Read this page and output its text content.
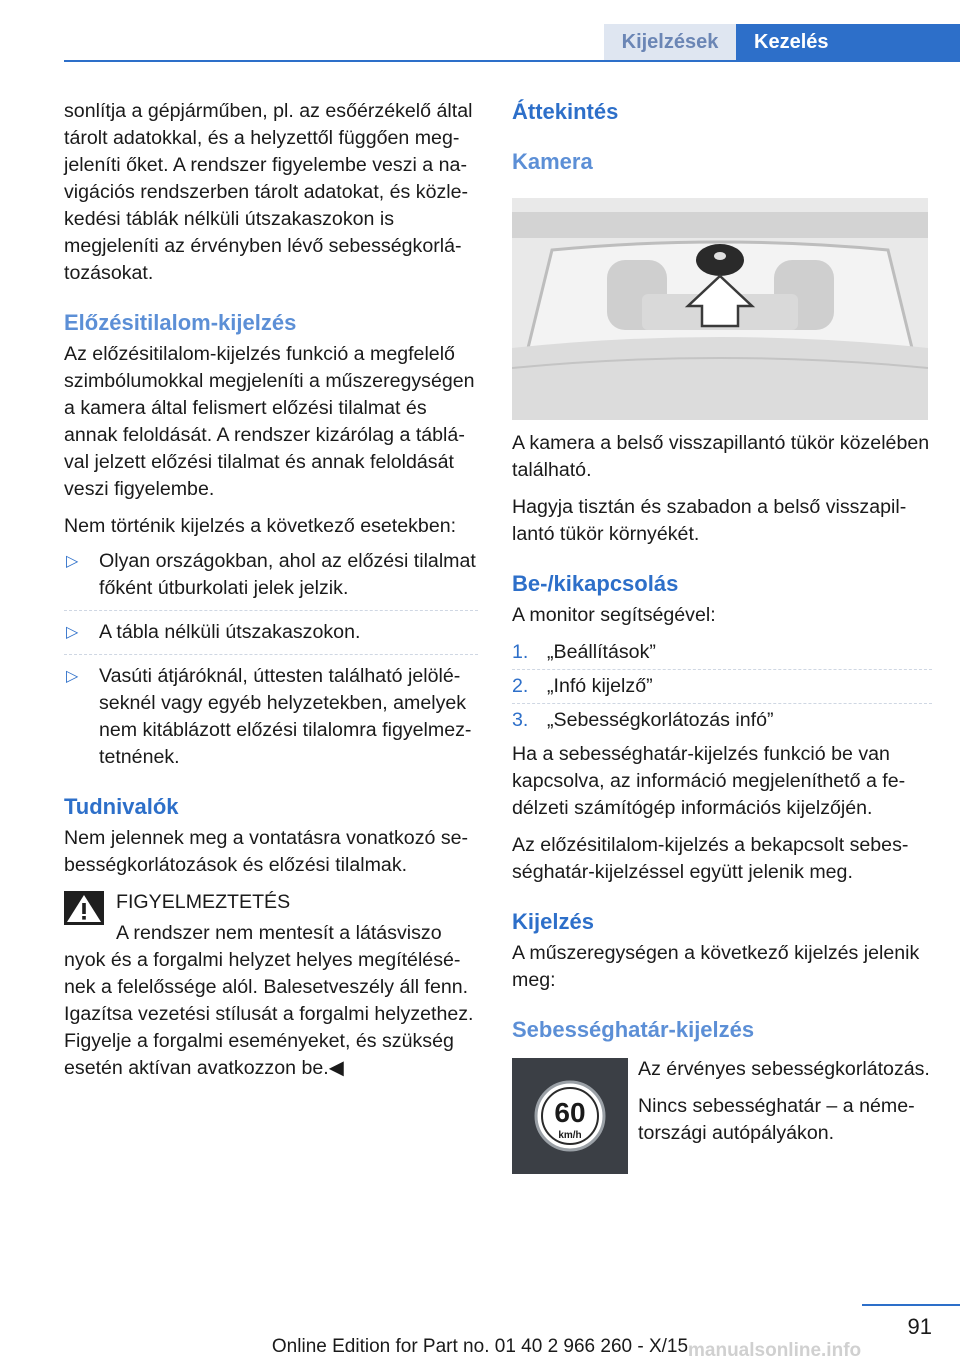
Kijelzések	Kezelés

sonlítja a gépjárműben, pl. az esőérzékelő által tárolt adatokkal, és a helyzettől függően megjeleníti őket. A rendszer figyelembe veszi a navigációs rendszerben tárolt adatokat, és közlekedési táblák nélküli útszakaszokon is megjeleníti az érvényben lévő sebességkorlátozásokat.

Előzésitilalom-kijelzés

Az előzésitilalom-kijelzés funkció a megfelelő szimbólumokkal megjeleníti a műszeregységen a kamera által felismert előzési tilalmat és annak feloldását. A rendszer kizárólag a táblával jelzett előzési tilalmat és annak feloldását veszi figyelembe.

Nem történik kijelzés a következő esetekben:

▷ Olyan országokban, ahol az előzési tilalmat főként útburkolati jelek jelzik.
▷ A tábla nélküli útszakaszokon.
▷ Vasúti átjáróknál, úttesten található jelöléseknél vagy egyéb helyzetekben, amelyek nem kitáblázott előzési tilalomra figyelmeztetnének.
Tudnivalók

Nem jelennek meg a vontatásra vonatkozó sebességkorlátozások és előzési tilalmak.

FIGYELMEZTETÉS

A rendszer nem mentesít a látásviszo

nyok és a forgalmi helyzet helyes megítélésének a felelőssége alól. Balesetveszély áll fenn. Igazítsa vezetési stílusát a forgalmi helyzethez. Figyelje a forgalmi eseményeket, és szükség esetén aktívan avatkozzon be.◀

Áttekintés
Kamera

A kamera a belső visszapillantó tükör közelében található.

Hagyja tisztán és szabadon a belső visszapillantó tükör környékét.

Be-/kikapcsolás

A monitor segítségével:

1. „Beállítások”
2. „Infó kijelző”
3. „Sebességkorlátozás infó”

Ha a sebességhatár-kijelzés funkció be van kapcsolva, az információ megjeleníthető a fedélzeti számítógép információs kijelzőjén.

Az előzésitilalom-kijelzés a bekapcsolt sebességhatár-kijelzéssel együtt jelenik meg.

Kijelzés

A műszeregységen a következő kijelzés jelenik meg:

Sebességhatár-kijelzés
60
km/h

Az érvényes sebességkorlátozás.

Nincs sebességhatár – a németországi autópályákon.

91
Online Edition for Part no. 01 40 2 966 260 - X/15 manualsonline.info
